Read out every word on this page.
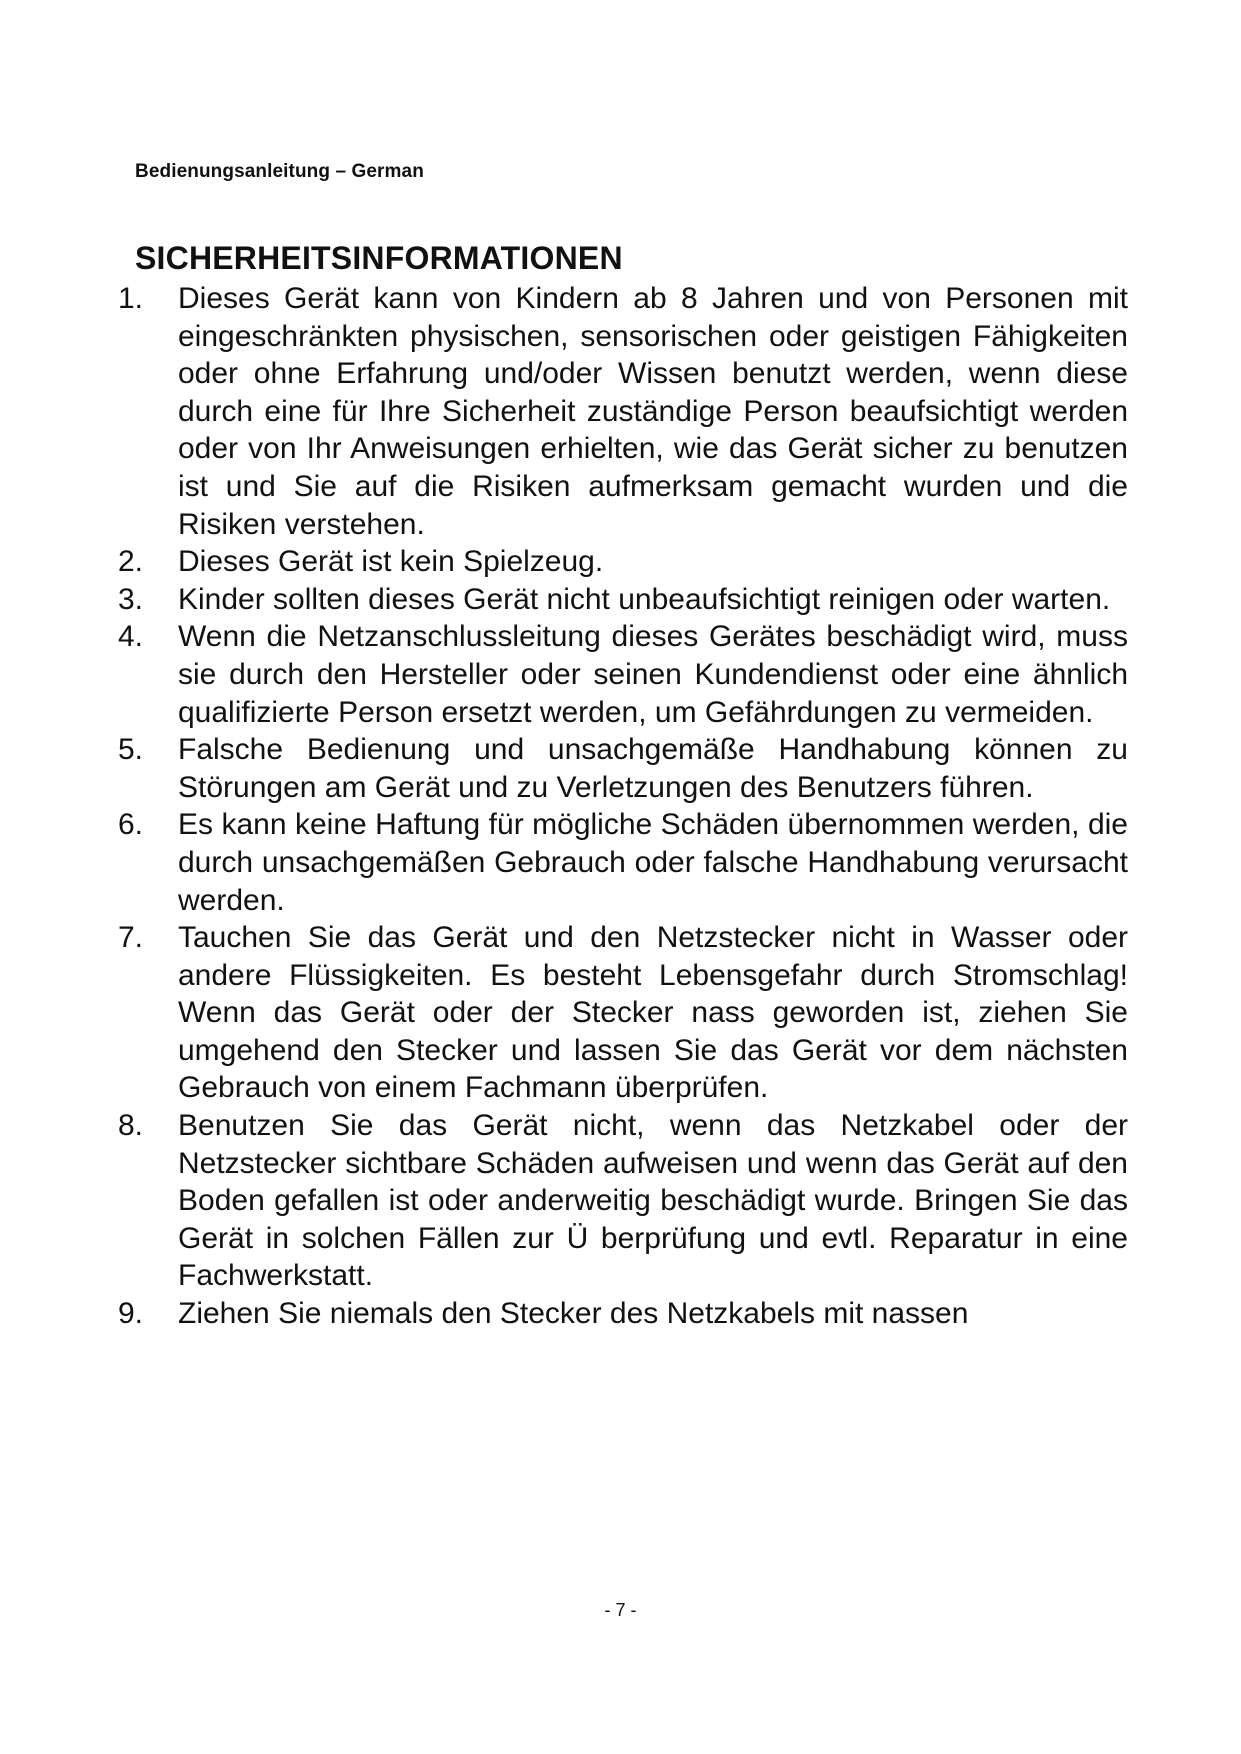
Bedienungsanleitung – German
SICHERHEITSINFORMATIONEN
1.	Dieses Gerät kann von Kindern ab 8 Jahren und von Personen mit eingeschränkten physischen, sensorischen oder geistigen Fähigkeiten oder ohne Erfahrung und/oder Wissen benutzt werden, wenn diese durch eine für Ihre Sicherheit zuständige Person beaufsichtigt werden oder von Ihr Anweisungen erhielten, wie das Gerät sicher zu benutzen ist und Sie auf die Risiken aufmerksam gemacht wurden und die Risiken verstehen.
2.	Dieses Gerät ist kein Spielzeug.
3.	Kinder sollten dieses Gerät nicht unbeaufsichtigt reinigen oder warten.
4.	Wenn die Netzanschlussleitung dieses Gerätes beschädigt wird, muss sie durch den Hersteller oder seinen Kundendienst oder eine ähnlich qualifizierte Person ersetzt werden, um Gefährdungen zu vermeiden.
5.	Falsche Bedienung und unsachgemäße Handhabung können zu Störungen am Gerät und zu Verletzungen des Benutzers führen.
6.	Es kann keine Haftung für mögliche Schäden übernommen werden, die durch unsachgemäßen Gebrauch oder falsche Handhabung verursacht werden.
7.	Tauchen Sie das Gerät und den Netzstecker nicht in Wasser oder andere Flüssigkeiten. Es besteht Lebensgefahr durch Stromschlag! Wenn das Gerät oder der Stecker nass geworden ist, ziehen Sie umgehend den Stecker und lassen Sie das Gerät vor dem nächsten Gebrauch von einem Fachmann überprüfen.
8.	Benutzen Sie das Gerät nicht, wenn das Netzkabel oder der Netzstecker sichtbare Schäden aufweisen und wenn das Gerät auf den Boden gefallen ist oder anderweitig beschädigt wurde. Bringen Sie das Gerät in solchen Fällen zur Ü berprüfung und evtl. Reparatur in eine Fachwerkstatt.
9.	Ziehen Sie niemals den Stecker des Netzkabels mit nassen
- 7 -
